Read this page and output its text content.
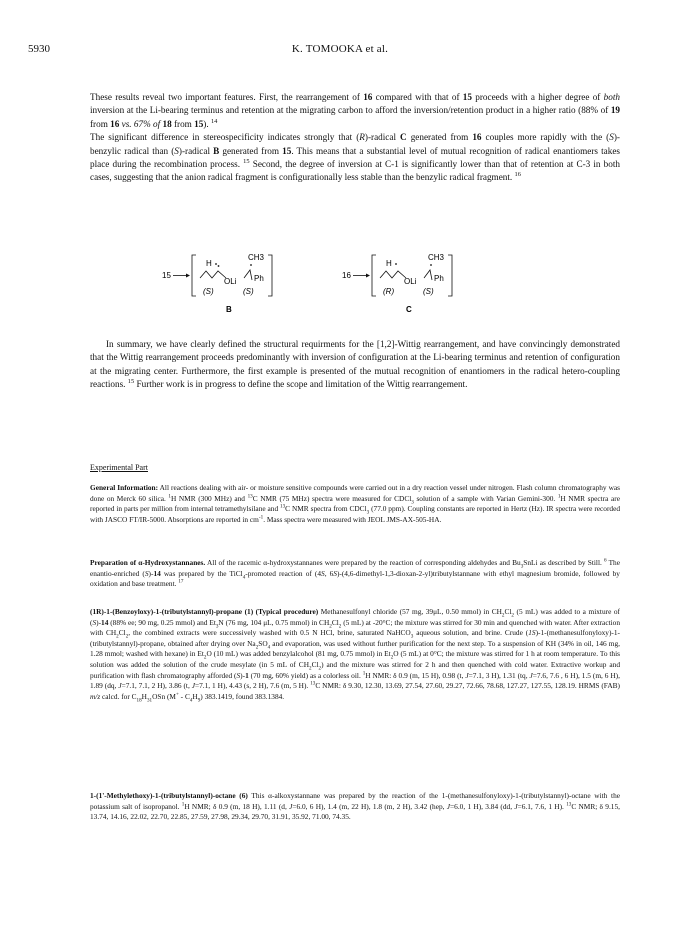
5930	K. TOMOOKA et al.

These results reveal two important features. First, the rearrangement of 16 compared with that of 15 proceeds with a higher degree of both inversion at the Li-bearing terminus and retention at the migrating carbon to afford the inversion/retention product in a higher ratio (88% of 19 from 16 vs. 67% of 18 from 15). $^{14}$
The significant difference in stereospecificity indicates strongly that (R)-radical C generated from 16 couples more rapidly with the (S)-benzylic radical than (S)-radical B generated from 15. This means that a substantial level of mutual recognition of radical enantiomers takes place during the recombination process. $^{15}$ Second, the degree of inversion at C-1 is significantly lower than that of retention at C-3 in both cases, suggesting that the anion radical fragment is configurationally less stable than the benzylic radical fragment. $^{16}$

15
H
OLi
CH3
Ph
(S)	(S)
B
16
H
OLi
CH3
Ph
(R)	(S)
C

In summary, we have clearly defined the structural requirments for the [1,2]-Wittig rearrangement, and have convincingly demonstrated that the Wittig rearrangement proceeds predominantly with inversion of configuration at the Li-bearing terminus and retention of configuration at the migrating center. Furthermore, the first example is presented of the mutual recognition of enantiomers in the radical hetero-coupling reactions. $^{15}$ Further work is in progress to define the scope and limitation of the Wittig rearrangement.

Experimental Part

General Information: All reactions dealing with air- or moisture sensitive compounds were carried out in a dry reaction vessel under nitrogen. Flash column chromatography was done on Merck 60 silica. $^1$H NMR (300 MHz) and $^{13}$C NMR (75 MHz) spectra were measured for CDCl$_3$ solution of a sample with Varian Gemini-300. $^1$H NMR spectra are reported in parts per million from internal tetramethylsilane and $^{13}$C NMR spectra from CDCl$_3$ (77.0 ppm). Coupling constants are reported in Hertz (Hz). IR spectra were recorded with JASCO FT/IR-5000. Absorptions are reported in $cm^{-1}$. Mass spectra were measured with JEOL JMS-AX-505-HA.

Preparation of α-Hydroxystannanes. All of the racemic α-hydroxystannanes were prepared by the reaction of corresponding aldehydes and $Bu_3SnLi$ as described by Still. $^6$ The enantio-enriched (S)-14 was prepared by the TiCl$_4$-promoted reaction of (4S, 6S)-(4,6-dimethyl-1,3-dioxan-2-yl)tributylstannane with ethyl magnesium bromide, followed by oxidation and base treatment. $^{17}$

(1R)-1-(Benzoyloxy)-1-(tributylstannyl)-propane (1) (Typical procedure) Methanesulfonyl chloride (57 mg, 39μL, 0.50 mmol) in $CH_2Cl_2$ (5 mL) was added to a mixture of (S)-14 (88% ee; 90 mg, 0.25 mmol) and $Et_3N$ (76 mg, 104 μL, 0.75 mmol) in $CH_2Cl_2$ (5 mL) at -20°C; the mixture was stirred for 30 min and quenched with water. After extraction with $CH_2Cl_2$, the combined extracts were successively washed with 0.5 N HCl, brine, saturated NaHCO$_3$ aqueous solution, and brine. Crude (1S)-1-(methanesulfonyloxy)-1-(tributylstannyl)-propane, obtained after drying over $Na_2SO_4$ and evaporation, was used without further purification for the next step. To a suspension of KH (34% in oil, 146 mg, 1.28 mmol; washed with hexane) in $Et_2O$ (10 mL) was added benzylalcohol (81 mg, 0.75 mmol) in $Et_2O$ (5 mL) at 0°C; the mixture was stirred for 1 h at room temperature. To this solution was added the solution of the crude mesylate (in 5 mL of $CH_2Cl_2$) and the mixture was stirred for 2 h and then quenched with cold water. Extractive workup and purification with flash chromatography afforded (S)-1 (70 mg, 60% yield) as a colorless oil. $^1$H NMR: δ 0.9 (m, 15 H), 0.98 (t, J=7.1, 3 H), 1.31 (tq, J=7.6, 7.6 , 6 H), 1.5 (m, 6 H), 1.89 (dq, J=7.1, 7.1, 2 H), 3.86 (t, J=7.1, 1 H), 4.43 (s, 2 H), 7.6 (m, 5 H). $^{13}$C NMR: δ 9.30, 12.30, 13.69, 27.54, 27.60, 29.27, 72.66, 78.68, 127.27, 127.55, 128.19. HRMS (FAB) m/z calcd. for $C_{18}H_{31}OSn$ $(M^+ - C_4H_9)$ 383.1419, found 383.1384.

1-(1'-Methylethoxy)-1-(tributylstannyl)-octane (6) This α-alkoxystannane was prepared by the reaction of the 1-(methanesulfonyloxy)-1-(tributylstannyl)-octane with the potassium salt of isopropanol. $^1$H NMR; δ 0.9 (m, 18 H), 1.11 (d, J=6.0, 6 H), 1.4 (m, 22 H), 1.8 (m, 2 H), 3.42 (hep, J=6.0, 1 H), 3.84 (dd, J=6.1, 7.6, 1 H). $^{13}$C NMR; δ 9.15, 13.74, 14.16, 22.02, 22.70, 22.85, 27.59, 27.98, 29.34, 29.70, 31.91, 35.92, 71.00, 74.35.
